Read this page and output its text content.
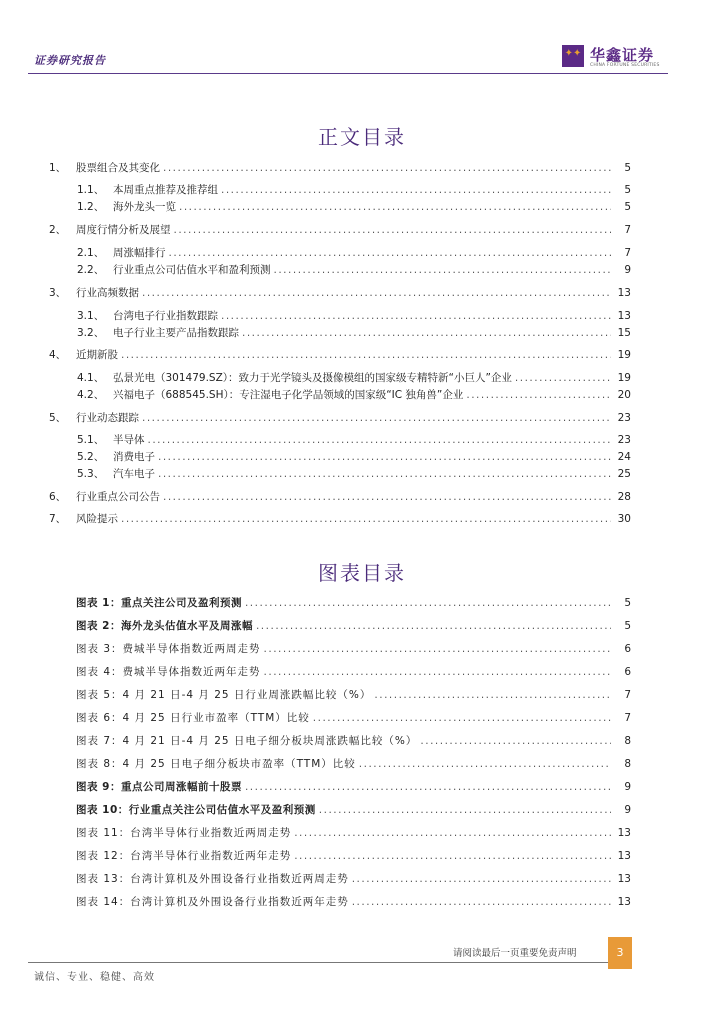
证券研究报告
✦✦ 华鑫证券
CHINA FORTUNE SECURITIES
正文目录
1、 股票组合及其变化 .....	5
1.1、 本周重点推荐及推荐组 .....	5
1.2、 海外龙头一览 .....	5
2、 周度行情分析及展望 .....	7
2.1、 周涨幅排行 .....	7
2.2、 行业重点公司估值水平和盈利预测 .....	9
3、 行业高频数据 .....	13
3.1、 台湾电子行业指数跟踪 .....	13
3.2、 电子行业主要产品指数跟踪 .....	15
4、 近期新股 .....	19
4.1、 弘景光电（301479.SZ）：致力于光学镜头及摄像模组的国家级专精特新“小巨人”企业 .....	19
4.2、 兴福电子（688545.SH）：专注湿电子化学品领域的国家级“IC 独角兽”企业 .....	20
5、 行业动态跟踪 .....	23
5.1、 半导体 .....	23
5.2、 消费电子 .....	24
5.3、 汽车电子 .....	25
6、 行业重点公司公告 .....	28
7、 风险提示 .....	30
图表目录
图表 1：重点关注公司及盈利预测 .....	5
图表 2：海外龙头估值水平及周涨幅 .....	5
图表 3：费城半导体指数近两周走势 .....	6
图表 4：费城半导体指数近两年走势 .....	6
图表 5：4 月 21 日-4 月 25 日行业周涨跌幅比较（%） .....	7
图表 6：4 月 25 日行业市盈率（TTM）比较 .....	7
图表 7：4 月 21 日-4 月 25 日电子细分板块周涨跌幅比较（%） .....	8
图表 8：4 月 25 日电子细分板块市盈率（TTM）比较 .....	8
图表 9：重点公司周涨幅前十股票 .....	9
图表 10：行业重点关注公司估值水平及盈利预测 .....	9
图表 11：台湾半导体行业指数近两周走势 .....	13
图表 12：台湾半导体行业指数近两年走势 .....	13
图表 13：台湾计算机及外围设备行业指数近两周走势 .....	13
图表 14：台湾计算机及外围设备行业指数近两年走势 .....	13
请阅读最后一页重要免责声明	3
诚信、专业、稳健、高效
